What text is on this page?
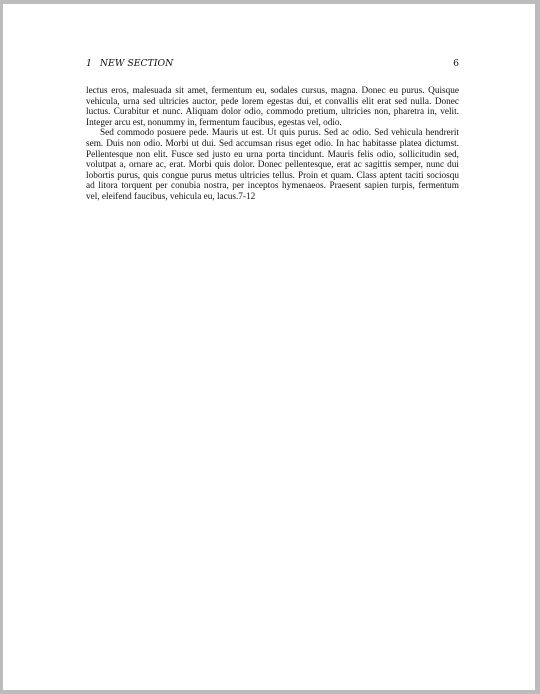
1 NEW SECTION	6

lectus eros, malesuada sit amet, fermentum eu, sodales cursus, magna. Donec eu purus. Quisque vehicula, urna sed ultricies auctor, pede lorem egestas dui, et convallis elit erat sed nulla. Donec luctus. Curabitur et nunc. Aliquam dolor odio, commodo pretium, ultricies non, pharetra in, velit. Integer arcu est, nonummy in, fermentum faucibus, egestas vel, odio.

Sed commodo posuere pede. Mauris ut est. Ut quis purus. Sed ac odio. Sed vehicula hendrerit sem. Duis non odio. Morbi ut dui. Sed accumsan risus eget odio. In hac habitasse platea dictumst. Pellentesque non elit. Fusce sed justo eu urna porta tincidunt. Mauris felis odio, sollicitudin sed, volutpat a, ornare ac, erat. Morbi quis dolor. Donec pellentesque, erat ac sagittis semper, nunc dui lobortis purus, quis congue purus metus ultricies tellus. Proin et quam. Class aptent taciti sociosqu ad litora torquent per conubia nostra, per inceptos hymenaeos. Praesent sapien turpis, fermentum vel, eleifend faucibus, vehicula eu, lacus.7-12
